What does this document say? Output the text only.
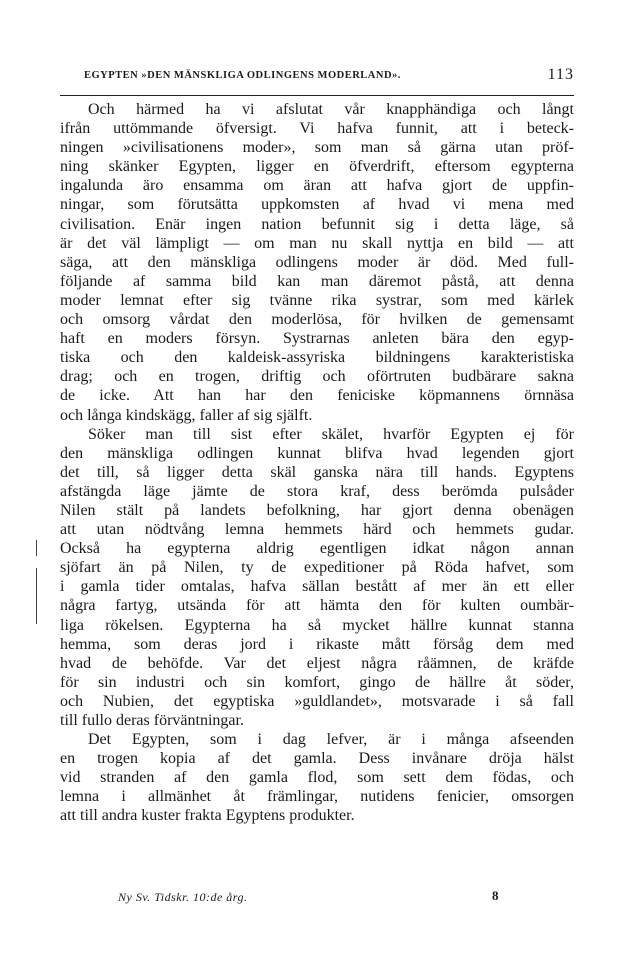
EGYPTEN »DEN MÄNSKLIGA ODLINGENS MODERLAND».	113
Och härmed ha vi afslutat vår knapphändiga och långt
ifrån uttömmande öfversigt. Vi hafva funnit, att i beteck-
ningen »civilisationens moder», som man så gärna utan pröf-
ning skänker Egypten, ligger en öfverdrift, eftersom egypterna
ingalunda äro ensamma om äran att hafva gjort de uppfin-
ningar, som förutsätta uppkomsten af hvad vi mena med
civilisation. Enär ingen nation befunnit sig i detta läge, så
är det väl lämpligt — om man nu skall nyttja en bild — att
säga, att den mänskliga odlingens moder är död. Med full-
följande af samma bild kan man däremot påstå, att denna
moder lemnat efter sig tvänne rika systrar, som med kärlek
och omsorg vårdat den moderlösa, för hvilken de gemensamt
haft en moders försyn. Systrarnas anleten bära den egyp-
tiska och den kaldeisk-assyriska bildningens karakteristiska
drag; och en trogen, driftig och oförtruten budbärare sakna
de icke. Att han har den feniciske köpmannens örnnäsa
och långa kindskägg, faller af sig själft.
Söker man till sist efter skälet, hvarför Egypten ej för
den mänskliga odlingen kunnat blifva hvad legenden gjort
det till, så ligger detta skäl ganska nära till hands. Egyptens
afstängda läge jämte de stora kraf, dess berömda pulsåder
Nilen stält på landets befolkning, har gjort denna obenägen
att utan nödtvång lemna hemmets härd och hemmets gudar.
Också ha egypterna aldrig egentligen idkat någon annan
sjöfart än på Nilen, ty de expeditioner på Röda hafvet, som
i gamla tider omtalas, hafva sällan bestått af mer än ett eller
några fartyg, utsända för att hämta den för kulten oumbär-
liga rökelsen. Egypterna ha så mycket hällre kunnat stanna
hemma, som deras jord i rikaste mått försåg dem med
hvad de behöfde. Var det eljest några råämnen, de kräfde
för sin industri och sin komfort, gingo de hällre åt söder,
och Nubien, det egyptiska »guldlandet», motsvarade i så fall
till fullo deras förväntningar.
Det Egypten, som i dag lefver, är i många afseenden
en trogen kopia af det gamla. Dess invånare dröja hälst
vid stranden af den gamla flod, som sett dem födas, och
lemna i allmänhet åt främlingar, nutidens fenicier, omsorgen
att till andra kuster frakta Egyptens produkter.
Ny Sv. Tidskr. 10:de årg.	8
